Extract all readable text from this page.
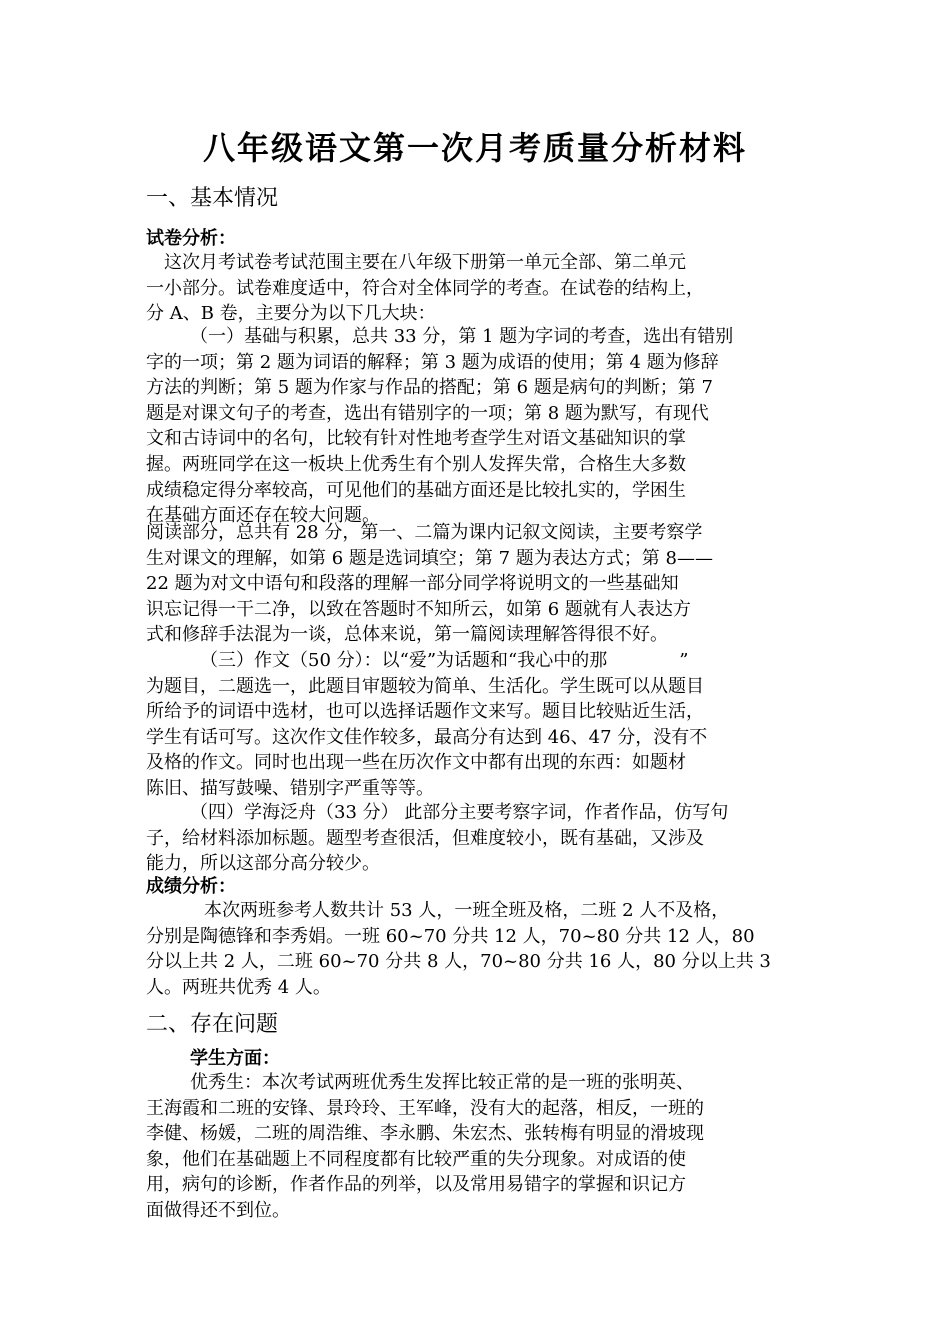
八年级语文第一次月考质量分析材料
一、基本情况
试卷分析：
这次月考试卷考试范围主要在八年级下册第一单元全部、第二单元
一小部分。试卷难度适中，符合对全体同学的考查。在试卷的结构上，
分 A、B 卷，主要分为以下几大块：
（一）基础与积累，总共 33 分，第 1 题为字词的考查，选出有错别
字的一项；第 2 题为词语的解释；第 3 题为成语的使用；第 4 题为修辞
方法的判断；第 5 题为作家与作品的搭配；第 6 题是病句的判断；第 7
题是对课文句子的考查，选出有错别字的一项；第 8 题为默写，有现代
文和古诗词中的名句，比较有针对性地考查学生对语文基础知识的掌
握。两班同学在这一板块上优秀生有个别人发挥失常，合格生大多数
成绩稳定得分率较高，可见他们的基础方面还是比较扎实的，学困生
在基础方面还存在较大问题。
阅读部分，总共有 28 分，第一、二篇为课内记叙文阅读，主要考察学
生对课文的理解，如第 6 题是选词填空；第 7 题为表达方式；第 8——
22 题为对文中语句和段落的理解一部分同学将说明文的一些基础知
识忘记得一干二净，以致在答题时不知所云，如第 6 题就有人表达方
式和修辞手法混为一谈，总体来说，第一篇阅读理解答得很不好。
（三）作文（50 分）：以“爱”为话题和“我心中的那　　　　”
为题目，二题选一，此题目审题较为简单、生活化。学生既可以从题目
所给予的词语中选材，也可以选择话题作文来写。题目比较贴近生活，
学生有话可写。这次作文佳作较多，最高分有达到 46、47 分，没有不
及格的作文。同时也出现一些在历次作文中都有出现的东西：如题材
陈旧、描写鼓噪、错别字严重等等。
（四）学海泛舟（33 分） 此部分主要考察字词，作者作品，仿写句
子，给材料添加标题。题型考查很活，但难度较小，既有基础，又涉及
能力，所以这部分高分较少。
成绩分析：
本次两班参考人数共计 53 人，一班全班及格，二班 2 人不及格，
分别是陶德锋和李秀娟。一班 60~70 分共 12 人，70~80 分共 12 人，80
分以上共 2 人，二班 60~70 分共 8 人，70~80 分共 16 人，80 分以上共 3
人。两班共优秀 4 人。
二、存在问题
学生方面：
优秀生：本次考试两班优秀生发挥比较正常的是一班的张明英、
王海霞和二班的安锋、景玲玲、王军峰，没有大的起落，相反，一班的
李健、杨媛，二班的周浩维、李永鹏、朱宏杰、张转梅有明显的滑坡现
象，他们在基础题上不同程度都有比较严重的失分现象。对成语的使
用，病句的诊断，作者作品的列举，以及常用易错字的掌握和识记方
面做得还不到位。
